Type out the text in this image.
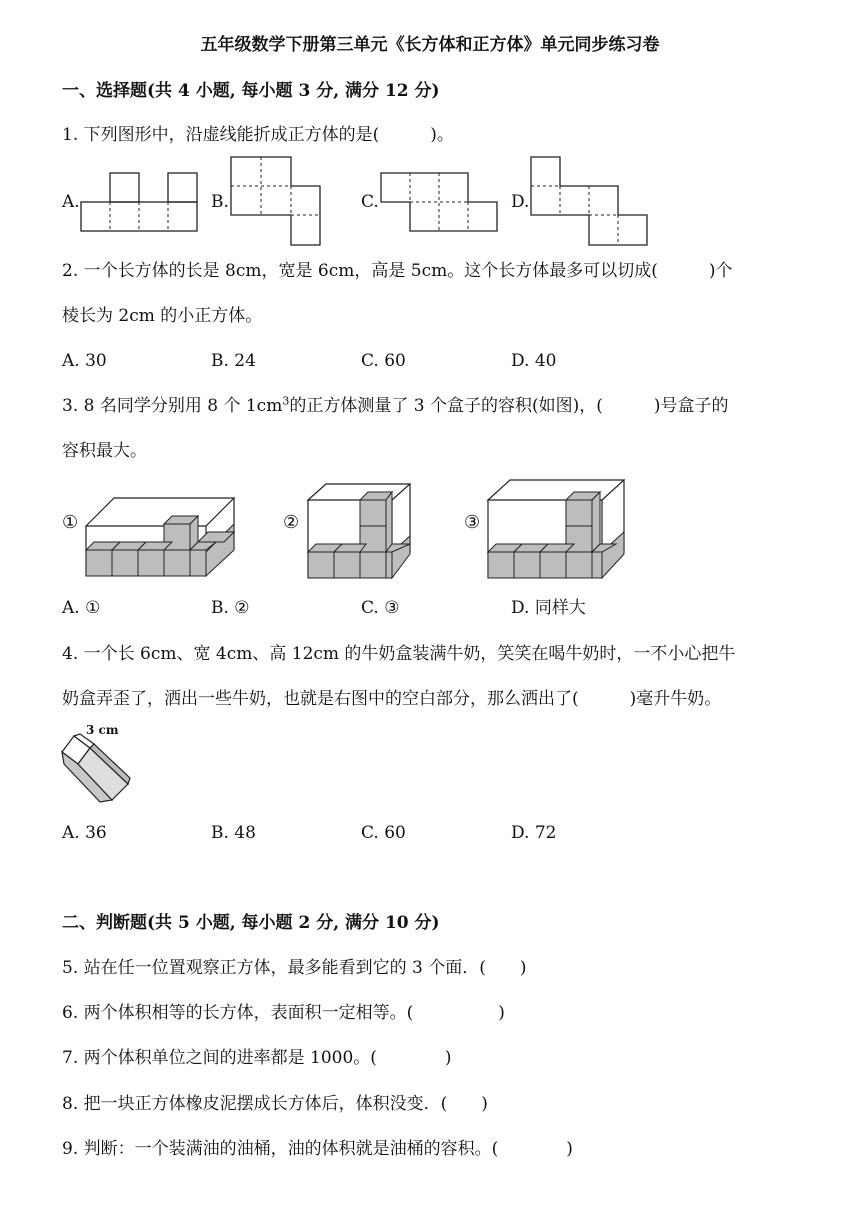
五年级数学下册第三单元《长方体和正方体》单元同步练习卷
一、选择题(共 4 小题, 每小题 3 分, 满分 12 分)
1. 下列图形中，沿虚线能折成正方体的是(　　　)。
A.	B.	C.	D.
2. 一个长方体的长是 8cm，宽是 6cm，高是 5cm。这个长方体最多可以切成(　　　)个
棱长为 2cm 的小正方体。
A. 30	B. 24	C. 60	D. 40
3. 8 名同学分别用 8 个 $1cm^3$的正方体测量了 3 个盒子的容积(如图)，(　　　)号盒子的
容积最大。
①	②	③
A. ①	B. ②	C. ③	D. 同样大
4. 一个长 6cm、宽 4cm、高 12cm 的牛奶盒装满牛奶，笑笑在喝牛奶时，一不小心把牛
奶盒弄歪了，洒出一些牛奶，也就是右图中的空白部分，那么洒出了(　　　)毫升牛奶。
3 cm
A. 36	B. 48	C. 60	D. 72
二、判断题(共 5 小题, 每小题 2 分, 满分 10 分)
5. 站在任一位置观察正方体，最多能看到它的 3 个面．(　　)
6. 两个体积相等的长方体，表面积一定相等。(　　　　　)
7. 两个体积单位之间的进率都是 1000。(　　　　)
8. 把一块正方体橡皮泥摆成长方体后，体积没变．(　　)
9. 判断：一个装满油的油桶，油的体积就是油桶的容积。(　　　　)
